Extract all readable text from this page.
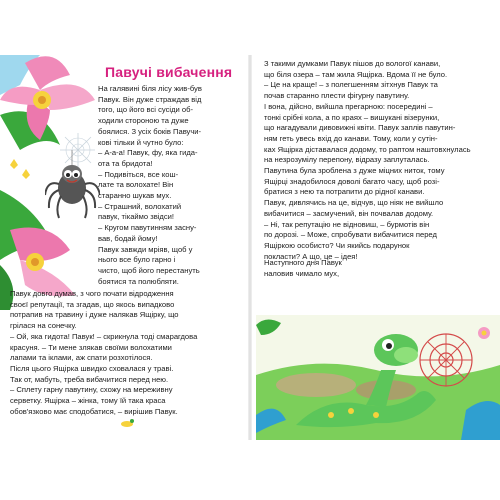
Павучі вибачення
На галявині біля лісу жив-був
Павук. Він дуже страждав від
того, що його всі сусіди об-
ходили стороною та дуже
боялися. З усіх боків Павучи-
кові тільки й чутно було:
– А-а-а! Павук, фу, яка гида-
ота та бридота!
– Подивіться, все кош-
лате та волохате! Він
старанно шукав мух.
– Страшний, волохатий
павук, тікаймо звідси!
– Кругом павутинням засну-
вав, бодай йому!
Павук завжди мріяв, щоб у
нього все було гарно і
чисто, щоб його перестануть
боятися та полюбляти.
Павук довго думав, з чого почати відродження
своєї репутації, та згадав, що якось випадково
потрапив на травину і дуже налякав Ящірку, що
грілася на сонечку.
– Ой, яка гидота! Павук! – скрикнула тоді смарагдова
красуня. – Ти мене злякав своїми волохатими
лапами та іклами, аж спати розхотілося.
Після цього Ящірка швидко сховалася у траві.
Так от, мабуть, треба вибачитися перед нею.
– Сплету гарну павутину, схожу на мереживну
серветку. Ящірка – жінка, тому їй така краса
обов'язково має сподобатися, – вирішив Павук.
З такими думками Павук пішов до вологої канави,
що біля озера – там жила Ящірка. Вдома її не було.
– Це на краще! – з полегшенням зітхнув Павук та
почав старанно плести фігурну павутину.
І вона, дійсно, вийшла прегарною: посередині –
тонкі срібні кола, а по краях – вишукані візерунки,
що нагадували дивовижні квіти. Павук заплів павутин-
ням геть увесь вхід до канави. Тому, коли у сутін-
ках Ящірка діставалася додому, то раптом наштовхнулась
на незрозумілу перепону, відразу заплуталась.
Павутина була зроблена з дуже міцних ниток, тому
Ящірці знадобилося доволі багато часу, щоб розі-
братися з нею та потрапити до рідної канави.
Павук, дивлячись на це, відчув, що ніяк не вийшло
вибачитися – засмучений, він почвалав додому.
– Ні, так репутацію не відновиш, – бурмотів він
по дорозі. – Може, спробувати вибачитися перед
Ящіркою особисто? Чи якийсь подарунок
покласти? А що, це – ідея!
Наступного дня Павук
наловив чимало мух,
